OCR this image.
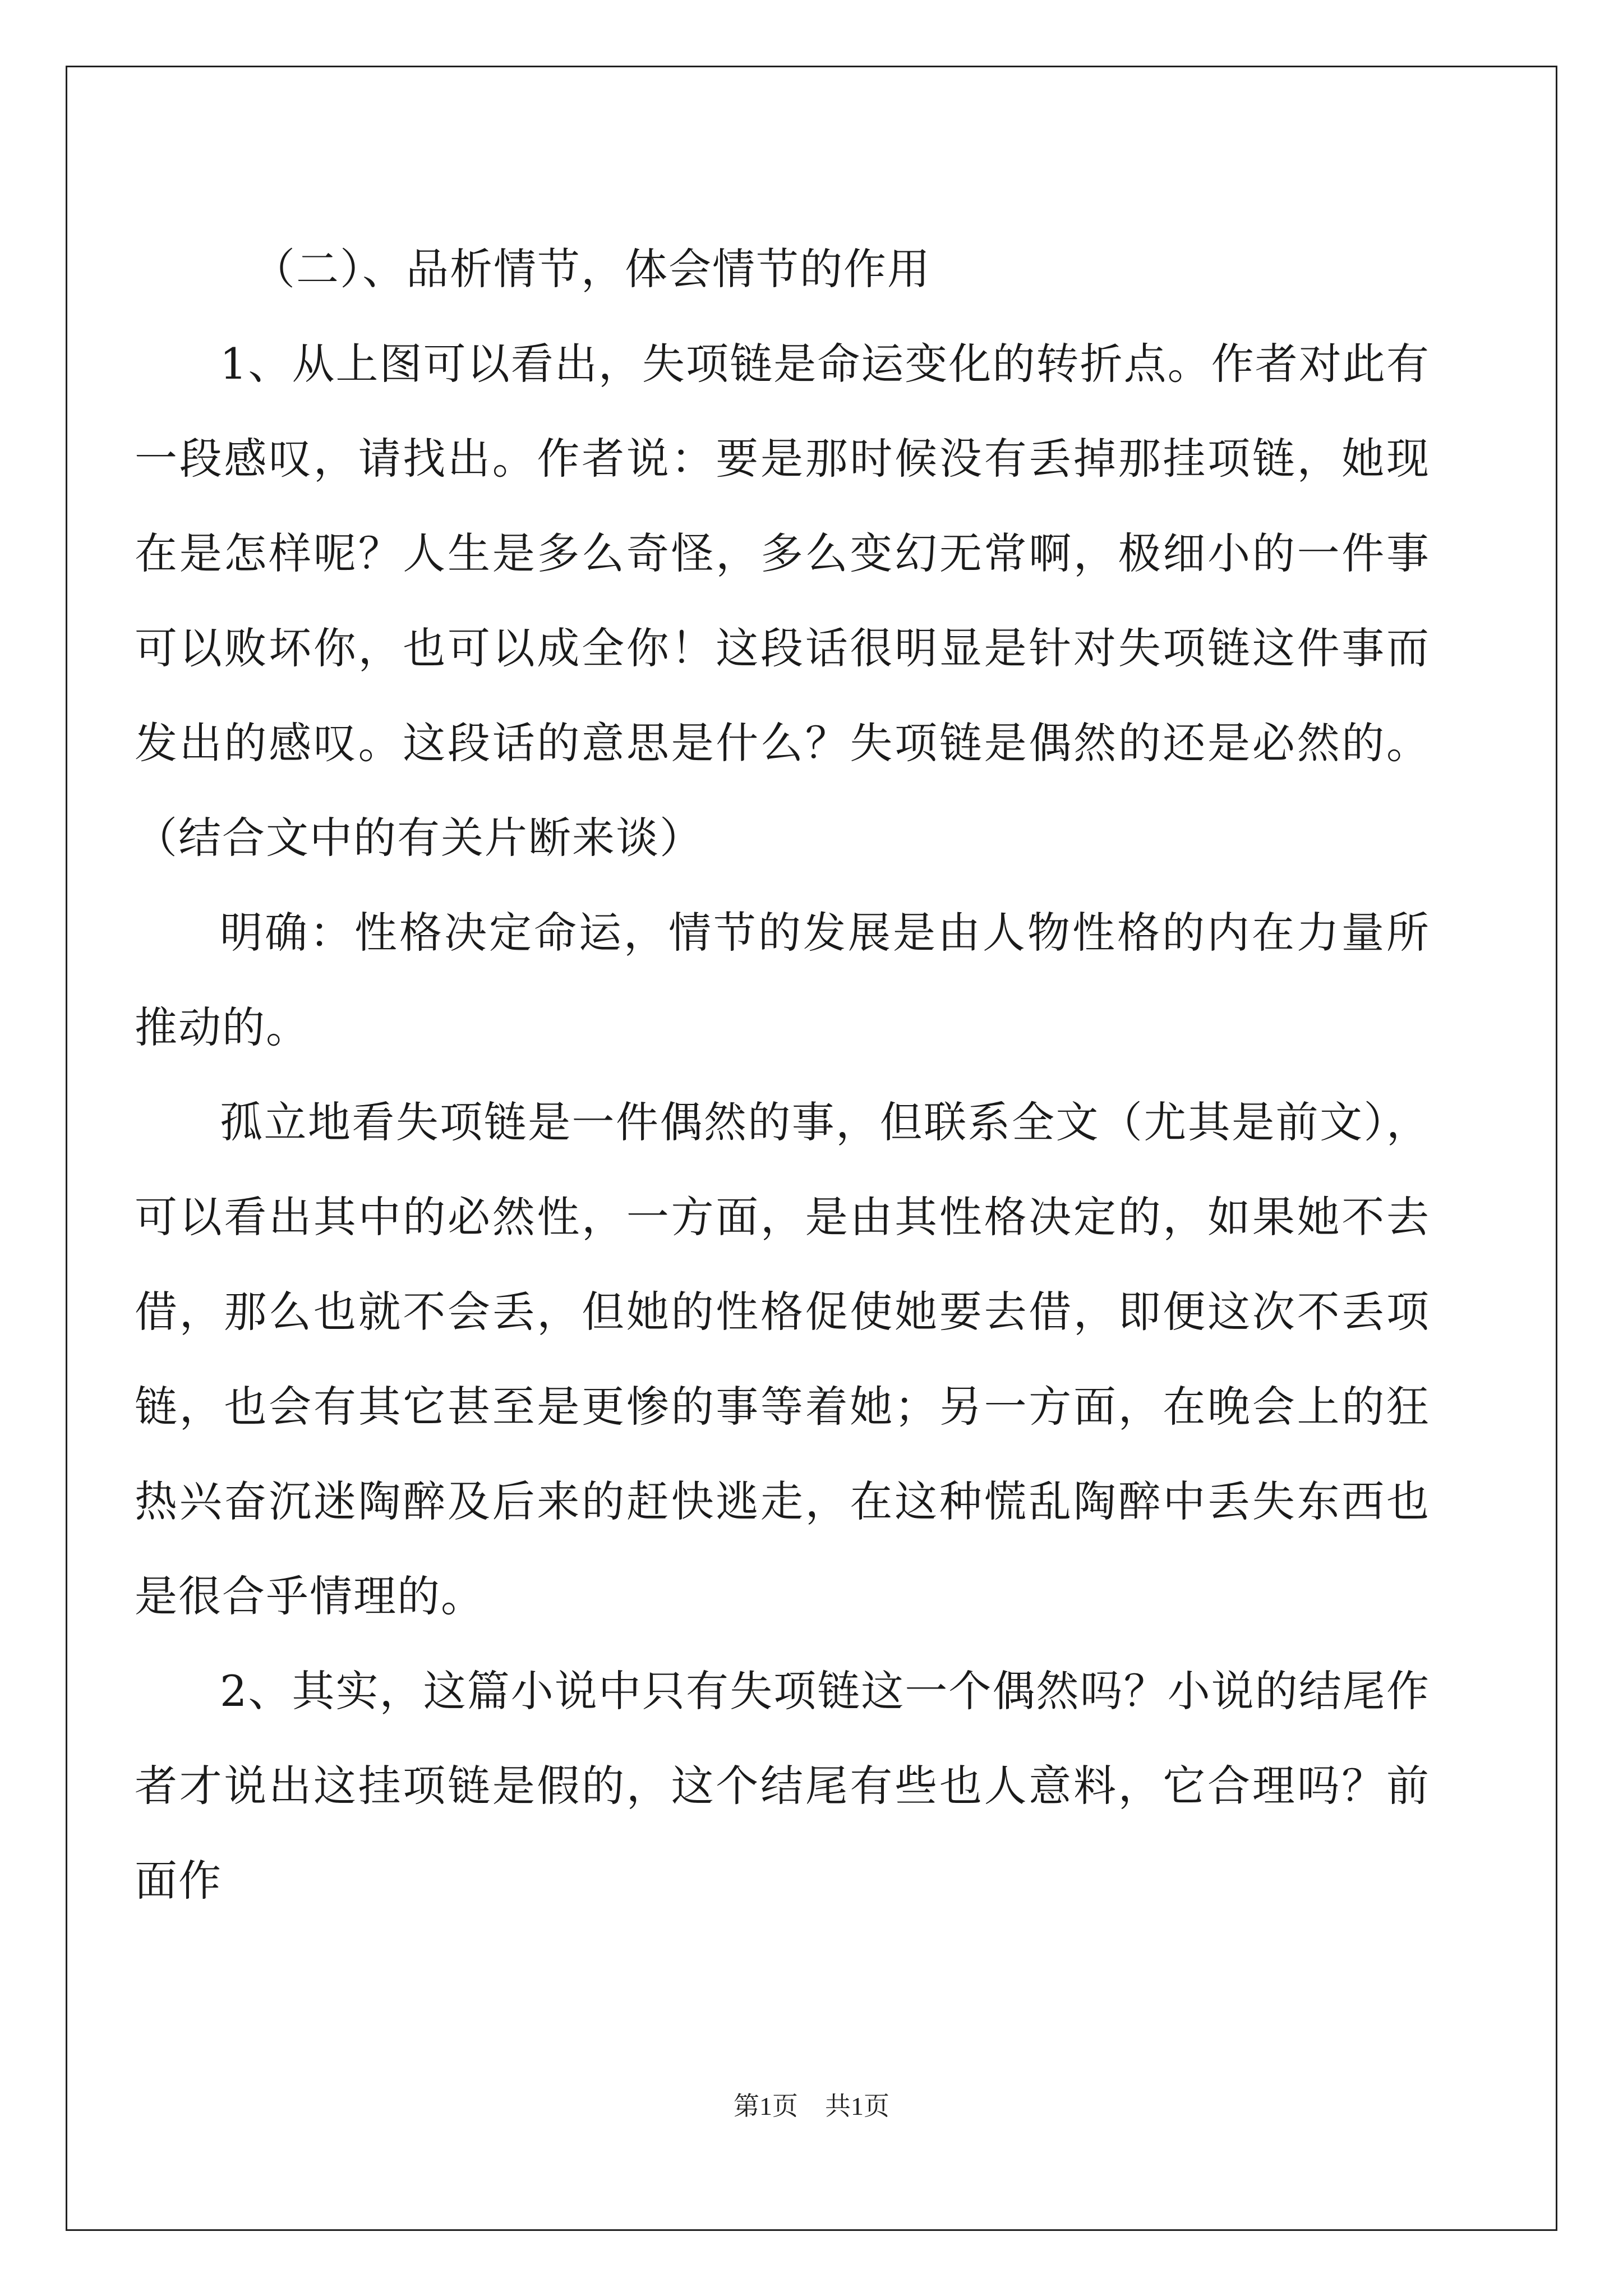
（二）、品析情节，体会情节的作用

1、从上图可以看出，失项链是命运变化的转折点。作者对此有一段感叹，请找出。作者说：要是那时候没有丢掉那挂项链，她现在是怎样呢？人生是多么奇怪，多么变幻无常啊，极细小的一件事可以败坏你，也可以成全你！这段话很明显是针对失项链这件事而发出的感叹。这段话的意思是什么？失项链是偶然的还是必然的。（结合文中的有关片断来谈）

明确：性格决定命运，情节的发展是由人物性格的内在力量所推动的。

孤立地看失项链是一件偶然的事，但联系全文（尤其是前文），可以看出其中的必然性，一方面，是由其性格决定的，如果她不去借，那么也就不会丢，但她的性格促使她要去借，即便这次不丢项链，也会有其它甚至是更惨的事等着她；另一方面，在晚会上的狂热兴奋沉迷陶醉及后来的赶快逃走，在这种慌乱陶醉中丢失东西也是很合乎情理的。

2、其实，这篇小说中只有失项链这一个偶然吗？小说的结尾作者才说出这挂项链是假的，这个结尾有些也人意料，它合理吗？前面作

第1页 共1页
